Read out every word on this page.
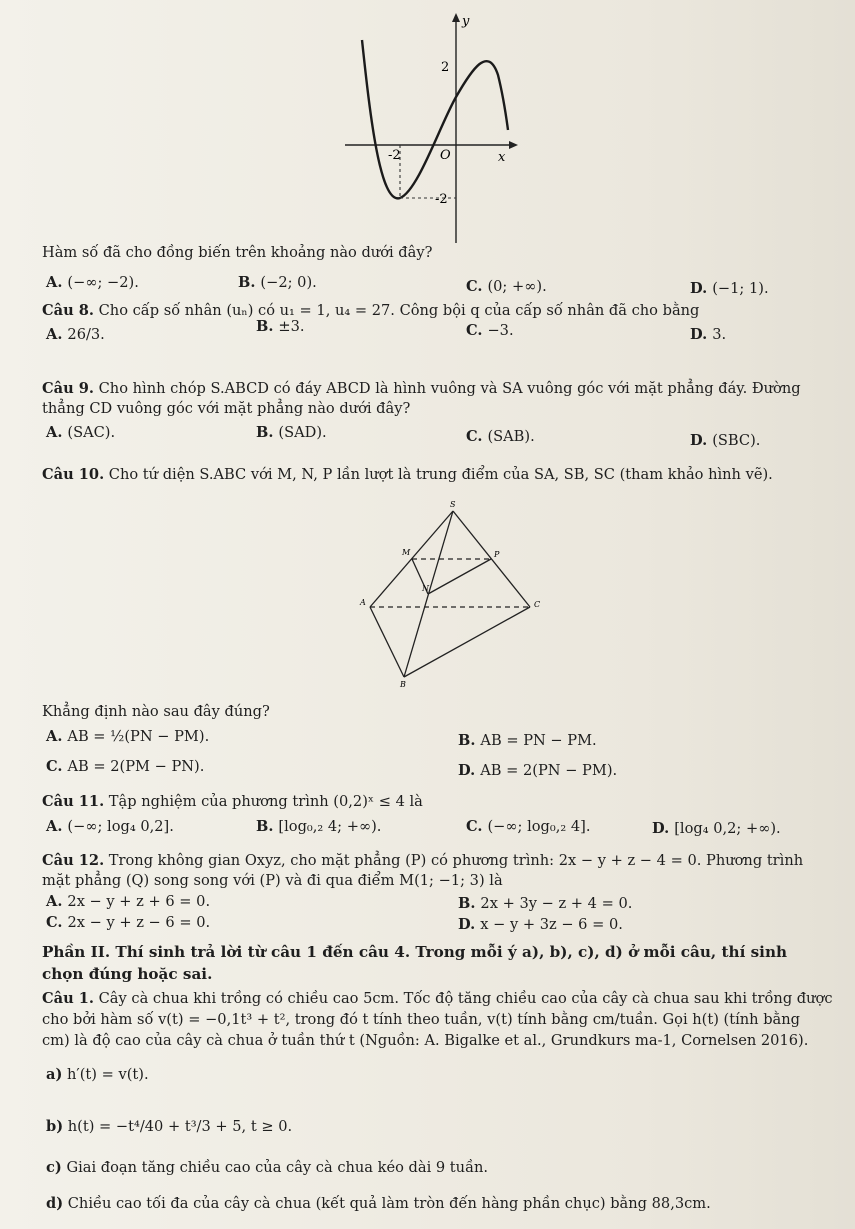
y
x
O
2
-2
-2
Hàm số đã cho đồng biến trên khoảng nào dưới đây?
A. (−∞; −2).	B. (−2; 0).	C. (0; +∞).	D. (−1; 1).
Câu 8. Cho cấp số nhân (uₙ) có u₁ = 1, u₄ = 27. Công bội q của cấp số nhân đã cho bằng
A. 26/3.	B. ±3.	C. −3.	D. 3.
Câu 9. Cho hình chóp S.ABCD có đáy ABCD là hình vuông và SA vuông góc với mặt phẳng đáy. Đường
thẳng CD vuông góc với mặt phẳng nào dưới đây?
A. (SAC).	B. (SAD).	C. (SAB).	D. (SBC).
Câu 10. Cho tứ diện S.ABC với M, N, P lần lượt là trung điểm của SA, SB, SC (tham khảo hình vẽ).
S
M	P
N
A	C
B
Khẳng định nào sau đây đúng?
A. AB = ½(PN − PM).	B. AB = PN − PM.
C. AB = 2(PM − PN).	D. AB = 2(PN − PM).
Câu 11. Tập nghiệm của phương trình (0,2)ˣ ≤ 4 là
A. (−∞; log₄ 0,2].	B. [log₀,₂ 4; +∞).	C. (−∞; log₀,₂ 4].	D. [log₄ 0,2; +∞).
Câu 12. Trong không gian Oxyz, cho mặt phẳng (P) có phương trình: 2x − y + z − 4 = 0. Phương trình
mặt phẳng (Q) song song với (P) và đi qua điểm M(1; −1; 3) là
A. 2x − y + z + 6 = 0.	B. 2x + 3y − z + 4 = 0.
C. 2x − y + z − 6 = 0.	D. x − y + 3z − 6 = 0.
Phần II. Thí sinh trả lời từ câu 1 đến câu 4. Trong mỗi ý a), b), c), d) ở mỗi câu, thí sinh
chọn đúng hoặc sai.
Câu 1. Cây cà chua khi trồng có chiều cao 5cm. Tốc độ tăng chiều cao của cây cà chua sau khi trồng được
cho bởi hàm số v(t) = −0,1t³ + t², trong đó t tính theo tuần, v(t) tính bằng cm/tuần. Gọi h(t) (tính bằng
cm) là độ cao của cây cà chua ở tuần thứ t (Nguồn: A. Bigalke et al., Grundkurs ma-1, Cornelsen 2016).
a) h′(t) = v(t).
b) h(t) = −t⁴/40 + t³/3 + 5, t ≥ 0.
c) Giai đoạn tăng chiều cao của cây cà chua kéo dài 9 tuần.
d) Chiều cao tối đa của cây cà chua (kết quả làm tròn đến hàng phần chục) bằng 88,3cm.
